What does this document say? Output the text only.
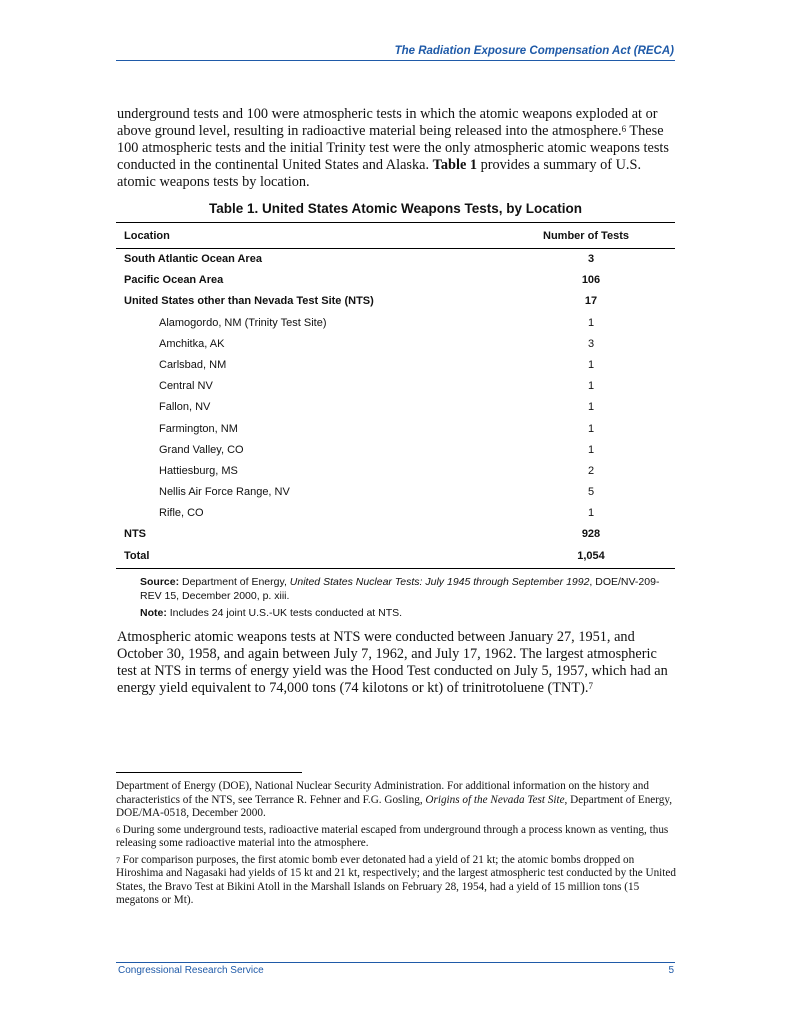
The Radiation Exposure Compensation Act (RECA)

underground tests and 100 were atmospheric tests in which the atomic weapons exploded at or above ground level, resulting in radioactive material being released into the atmosphere.$^6$ These 100 atmospheric tests and the initial Trinity test were the only atmospheric atomic weapons tests conducted in the continental United States and Alaska. Table 1 provides a summary of U.S. atomic weapons tests by location.

Table 1. United States Atomic Weapons Tests, by Location
Location	Number of Tests
South Atlantic Ocean Area	3
Pacific Ocean Area	106
United States other than Nevada Test Site (NTS)	17
Alamogordo, NM (Trinity Test Site)	1
Amchitka, AK	3
Carlsbad, NM	1
Central NV	1
Fallon, NV	1
Farmington, NM	1
Grand Valley, CO	1
Hattiesburg, MS	2
Nellis Air Force Range, NV	5
Rifle, CO	1
NTS	928
Total	1,054
Source: Department of Energy, United States Nuclear Tests: July 1945 through September 1992, DOE/NV-209-REV 15, December 2000, p. xiii.
Note: Includes 24 joint U.S.-UK tests conducted at NTS.

Atmospheric atomic weapons tests at NTS were conducted between January 27, 1951, and October 30, 1958, and again between July 7, 1962, and July 17, 1962. The largest atmospheric test at NTS in terms of energy yield was the Hood Test conducted on July 5, 1957, which had an energy yield equivalent to 74,000 tons (74 kilotons or kt) of trinitrotoluene (TNT).$^7$

Department of Energy (DOE), National Nuclear Security Administration. For additional information on the history and characteristics of the NTS, see Terrance R. Fehner and F.G. Gosling, Origins of the Nevada Test Site, Department of Energy, DOE/MA-0518, December 2000.

$^6$ During some underground tests, radioactive material escaped from underground through a process known as venting, thus releasing some radioactive material into the atmosphere.

$^7$ For comparison purposes, the first atomic bomb ever detonated had a yield of 21 kt; the atomic bombs dropped on Hiroshima and Nagasaki had yields of 15 kt and 21 kt, respectively; and the largest atmospheric test conducted by the United States, the Bravo Test at Bikini Atoll in the Marshall Islands on February 28, 1954, had a yield of 15 million tons (15 megatons or Mt).

Congressional Research Service	5
